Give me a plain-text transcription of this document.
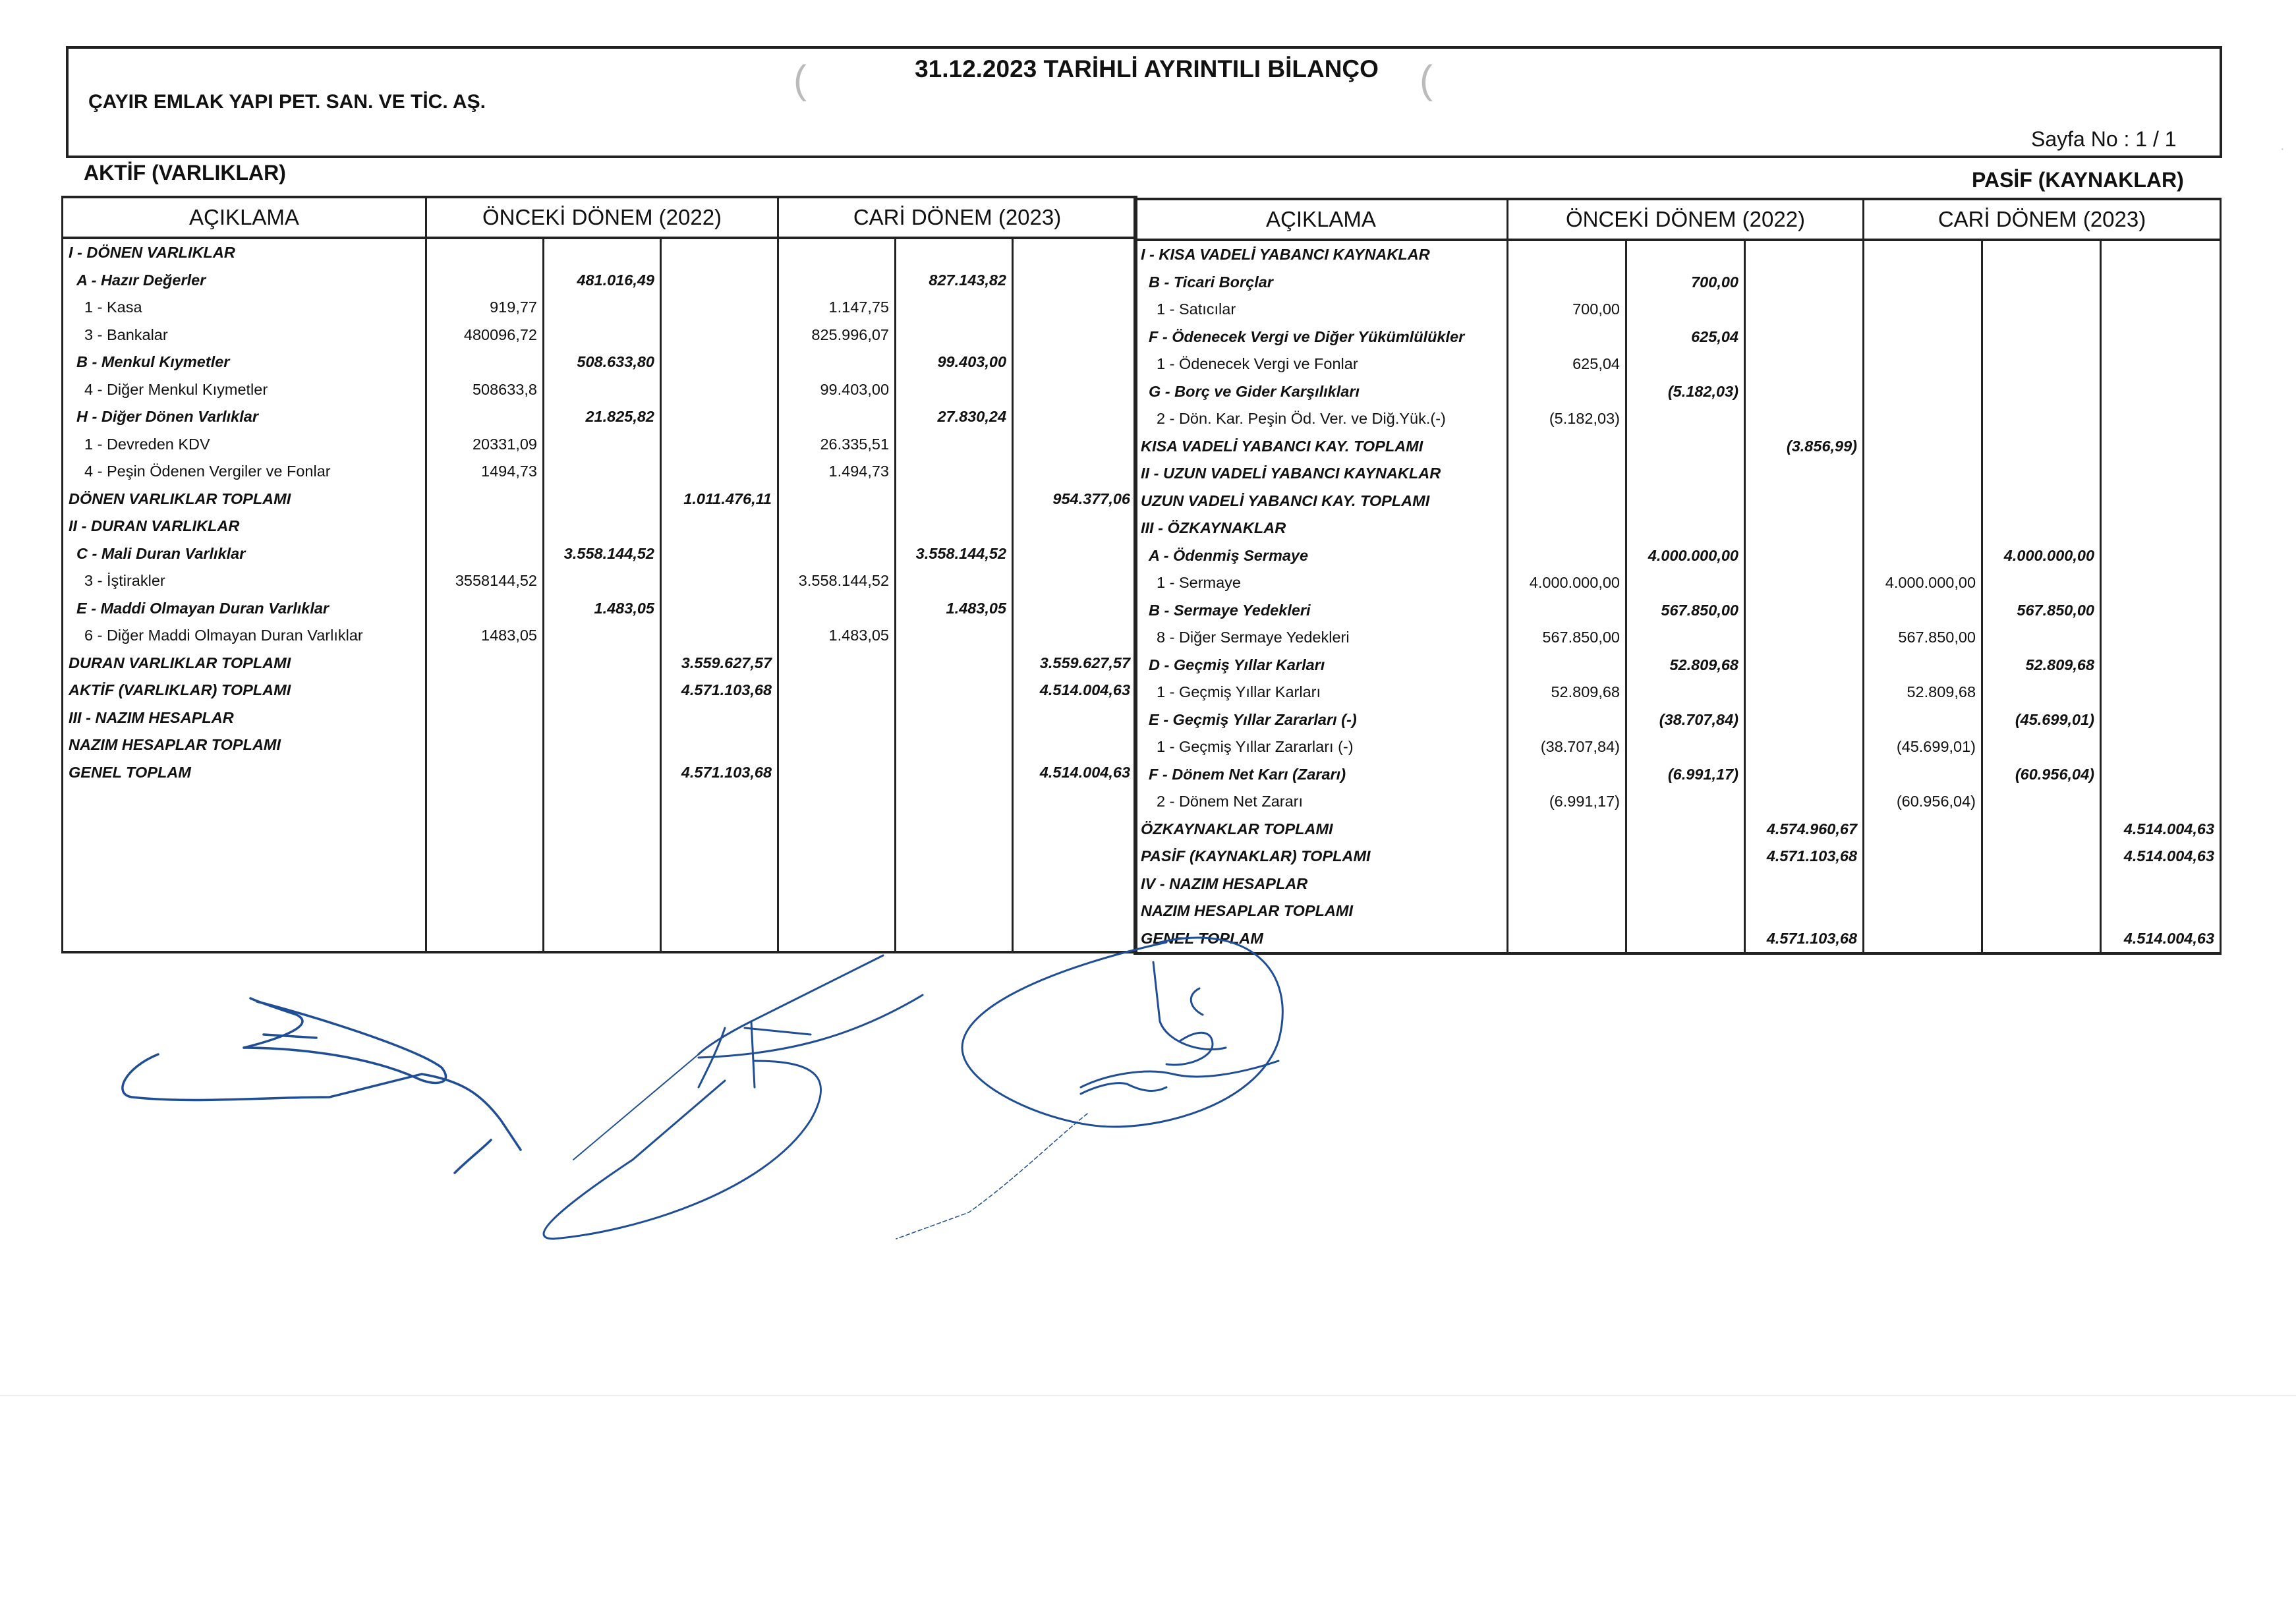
·
ÇAYIR EMLAK YAPI PET. SAN. VE TİC. AŞ.
31.12.2023 TARİHLİ AYRINTILI BİLANÇO
(	(
Sayfa No : 1 / 1
AKTİF (VARLIKLAR)	PASİF (KAYNAKLAR)
AÇIKLAMA	ÖNCEKİ DÖNEM (2022)			CARİ DÖNEM (2023)		
I - DÖNEN VARLIKLAR						
A - Hazır Değerler		481.016,49			827.143,82	
1 - Kasa	919,77			1.147,75		
3 - Bankalar	480096,72			825.996,07		
B - Menkul Kıymetler		508.633,80			99.403,00	
4 - Diğer Menkul Kıymetler	508633,8			99.403,00		
H - Diğer Dönen Varlıklar		21.825,82			27.830,24	
1 - Devreden KDV	20331,09			26.335,51		
4 - Peşin Ödenen Vergiler ve Fonlar	1494,73			1.494,73		
DÖNEN VARLIKLAR TOPLAMI			1.011.476,11			954.377,06
II - DURAN VARLIKLAR						
C - Mali Duran Varlıklar		3.558.144,52			3.558.144,52	
3 - İştirakler	3558144,52			3.558.144,52		
E - Maddi Olmayan Duran Varlıklar		1.483,05			1.483,05	
6 - Diğer Maddi Olmayan Duran Varlıklar	1483,05			1.483,05		
DURAN VARLIKLAR TOPLAMI			3.559.627,57			3.559.627,57
AKTİF (VARLIKLAR) TOPLAMI			4.571.103,68			4.514.004,63
III - NAZIM HESAPLAR						
NAZIM HESAPLAR TOPLAMI						
GENEL TOPLAM			4.571.103,68			4.514.004,63

AÇIKLAMA	ÖNCEKİ DÖNEM (2022)			CARİ DÖNEM (2023)		
I - KISA VADELİ YABANCI KAYNAKLAR						
B - Ticari Borçlar		700,00				
1 - Satıcılar	700,00					
F - Ödenecek Vergi ve Diğer Yükümlülükler		625,04				
1 - Ödenecek Vergi ve Fonlar	625,04					
G - Borç ve Gider Karşılıkları		(5.182,03)				
2 - Dön. Kar. Peşin Öd. Ver. ve Diğ.Yük.(-)	(5.182,03)					
KISA VADELİ YABANCI KAY. TOPLAMI			(3.856,99)			
II - UZUN VADELİ YABANCI KAYNAKLAR						
UZUN VADELİ YABANCI KAY. TOPLAMI						
III - ÖZKAYNAKLAR						
A - Ödenmiş Sermaye		4.000.000,00			4.000.000,00	
1 - Sermaye	4.000.000,00			4.000.000,00		
B - Sermaye Yedekleri		567.850,00			567.850,00	
8 - Diğer Sermaye Yedekleri	567.850,00			567.850,00		
D - Geçmiş Yıllar Karları		52.809,68			52.809,68	
1 - Geçmiş Yıllar Karları	52.809,68			52.809,68		
E - Geçmiş Yıllar Zararları (-)		(38.707,84)			(45.699,01)	
1 - Geçmiş Yıllar Zararları (-)	(38.707,84)			(45.699,01)		
F - Dönem Net Karı (Zararı)		(6.991,17)			(60.956,04)	
2 - Dönem Net Zararı	(6.991,17)			(60.956,04)		
ÖZKAYNAKLAR TOPLAMI			4.574.960,67			4.514.004,63
PASİF (KAYNAKLAR) TOPLAMI			4.571.103,68			4.514.004,63
IV - NAZIM HESAPLAR						
NAZIM HESAPLAR TOPLAMI						
GENEL TOPLAM			4.571.103,68			4.514.004,63
